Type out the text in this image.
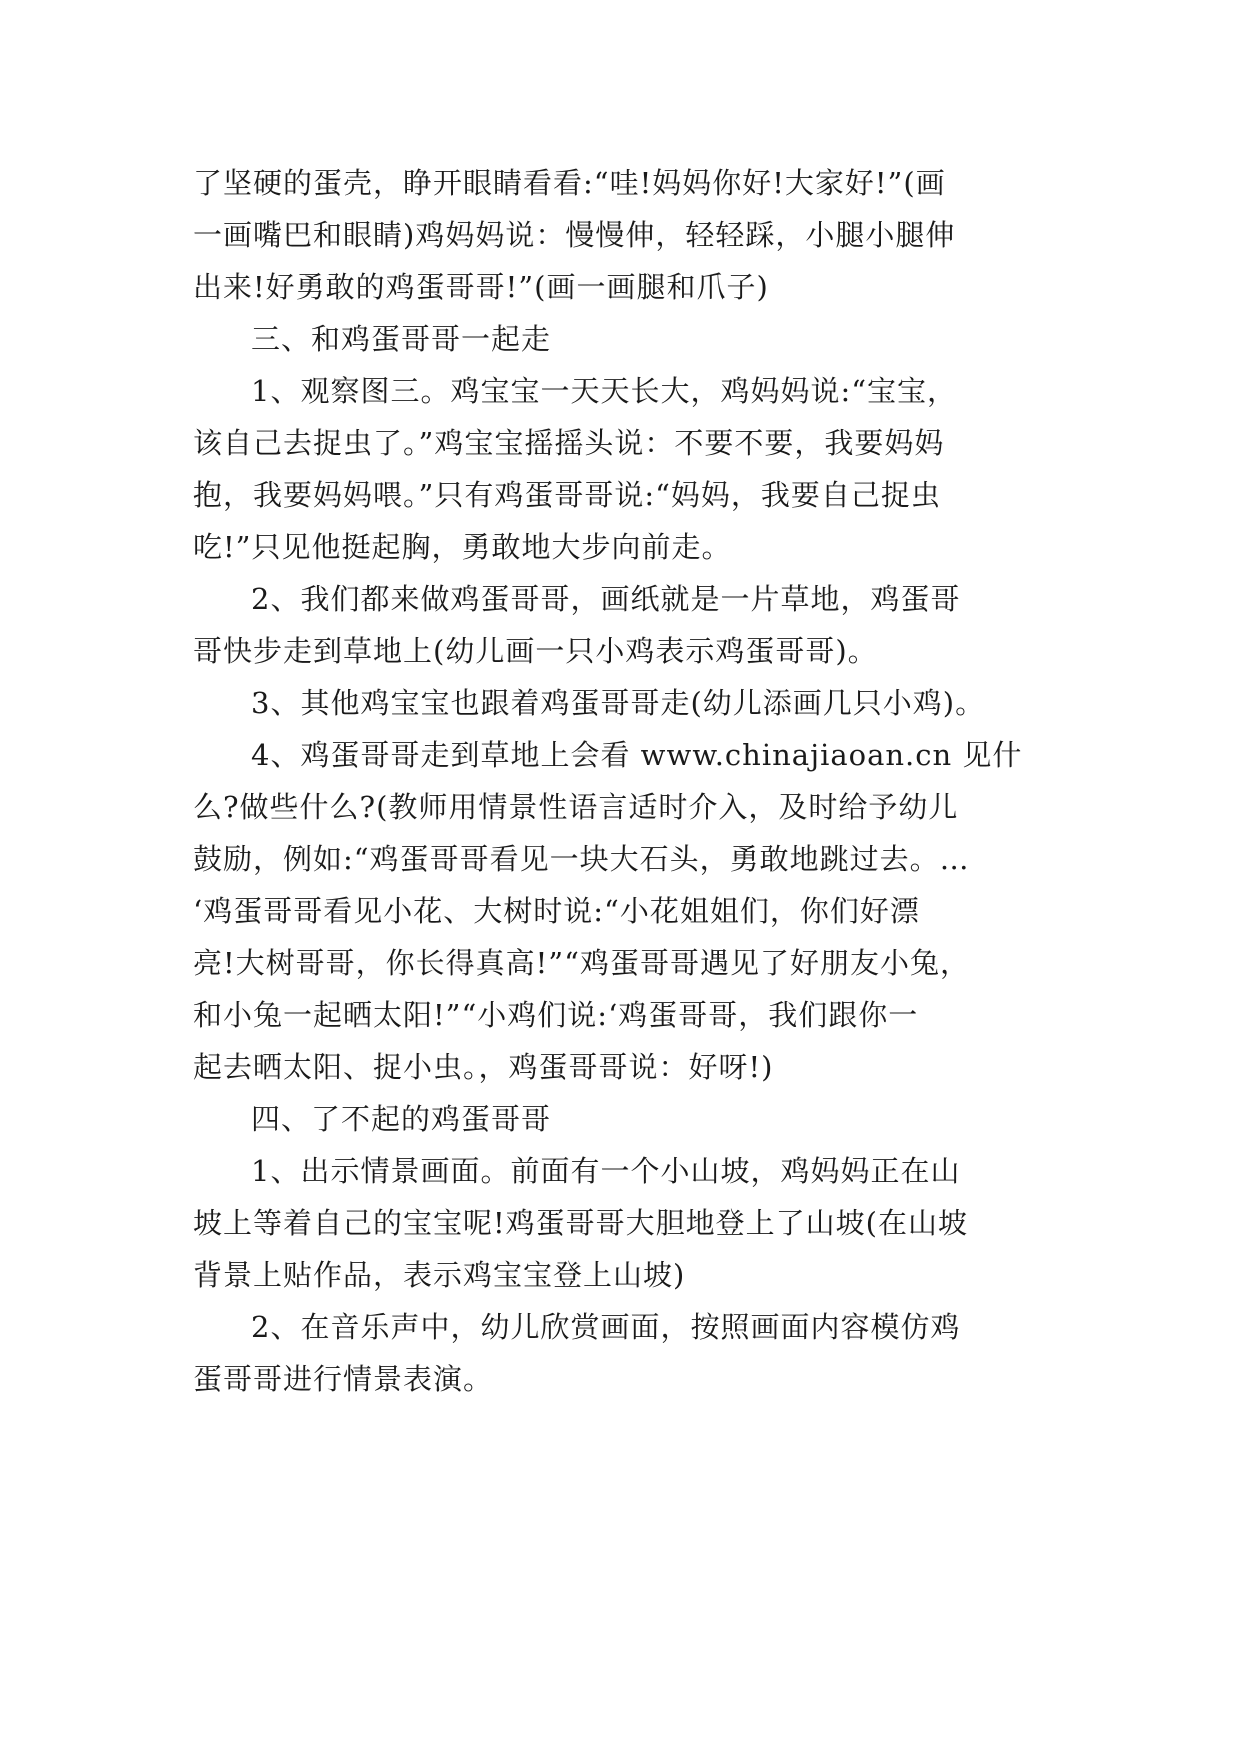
了坚硬的蛋壳，睁开眼睛看看:“哇!妈妈你好!大家好!”(画
一画嘴巴和眼睛)鸡妈妈说：慢慢伸，轻轻踩，小腿小腿伸
出来!好勇敢的鸡蛋哥哥!”(画一画腿和爪子)
三、和鸡蛋哥哥一起走
1、观察图三。鸡宝宝一天天长大，鸡妈妈说:“宝宝，
该自己去捉虫了。”鸡宝宝摇摇头说：不要不要，我要妈妈
抱，我要妈妈喂。”只有鸡蛋哥哥说:“妈妈，我要自己捉虫
吃!”只见他挺起胸，勇敢地大步向前走。
2、我们都来做鸡蛋哥哥，画纸就是一片草地，鸡蛋哥
哥快步走到草地上(幼儿画一只小鸡表示鸡蛋哥哥)。
3、其他鸡宝宝也跟着鸡蛋哥哥走(幼儿添画几只小鸡)。
4、鸡蛋哥哥走到草地上会看 www.chinajiaoan.cn 见什
么?做些什么?(教师用情景性语言适时介入，及时给予幼儿
鼓励，例如:“鸡蛋哥哥看见一块大石头，勇敢地跳过去。…
‘鸡蛋哥哥看见小花、大树时说:“小花姐姐们，你们好漂
亮!大树哥哥，你长得真高!”“鸡蛋哥哥遇见了好朋友小兔，
和小兔一起晒太阳!”“小鸡们说:‘鸡蛋哥哥，我们跟你一
起去晒太阳、捉小虫。，鸡蛋哥哥说：好呀!)
四、了不起的鸡蛋哥哥
1、出示情景画面。前面有一个小山坡，鸡妈妈正在山
坡上等着自己的宝宝呢!鸡蛋哥哥大胆地登上了山坡(在山坡
背景上贴作品，表示鸡宝宝登上山坡)
2、在音乐声中，幼儿欣赏画面，按照画面内容模仿鸡
蛋哥哥进行情景表演。
